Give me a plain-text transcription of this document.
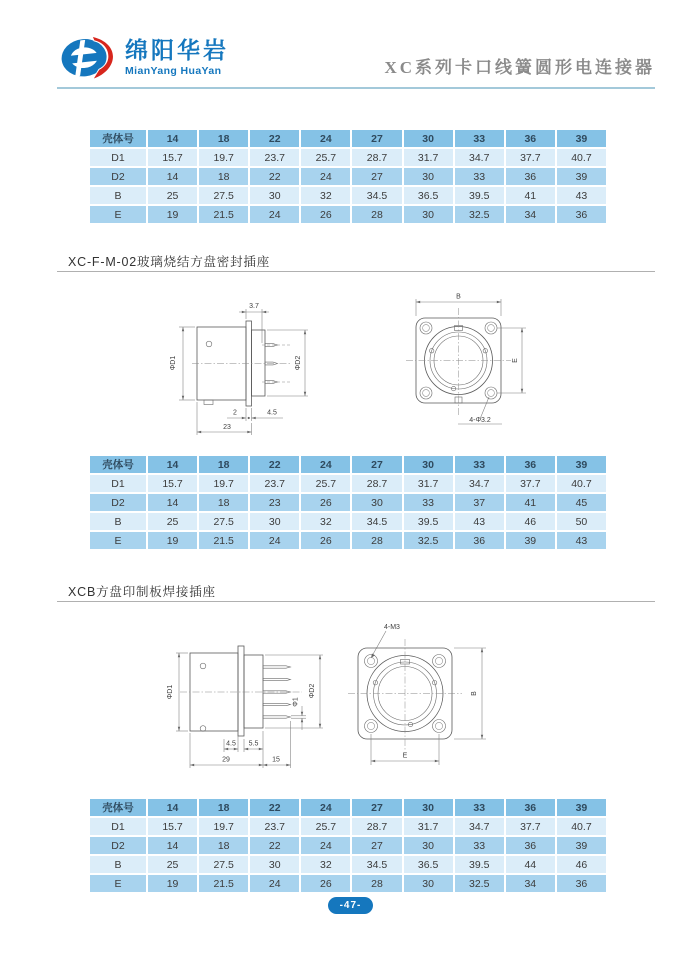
绵阳华岩
MianYang HuaYan	XC系列卡口线簧圆形电连接器
壳体号	14	18	22	24	27	30	33	36	39
D1	15.7	19.7	23.7	25.7	28.7	31.7	34.7	37.7	40.7
D2	14	18	22	24	27	30	33	36	39
B	25	27.5	30	32	34.5	36.5	39.5	41	43
E	19	21.5	24	26	28	30	32.5	34	36
XC-F-M-02玻璃烧结方盘密封插座
3.7
ΦD1	ΦD2
2	4.5
23
B
E
4-Φ3.2
壳体号	14	18	22	24	27	30	33	36	39
D1	15.7	19.7	23.7	25.7	28.7	31.7	34.7	37.7	40.7
D2	14	18	23	26	30	33	37	41	45
B	25	27.5	30	32	34.5	39.5	43	46	50
E	19	21.5	24	26	28	32.5	36	39	43
XCB方盘印制板焊接插座
ΦD1	ΦD2
Φ1
4.5 5.5
29	15
4-M3
B
E
壳体号	14	18	22	24	27	30	33	36	39
D1	15.7	19.7	23.7	25.7	28.7	31.7	34.7	37.7	40.7
D2	14	18	22	24	27	30	33	36	39
B	25	27.5	30	32	34.5	36.5	39.5	44	46
E	19	21.5	24	26	28	30	32.5	34	36
-47-
